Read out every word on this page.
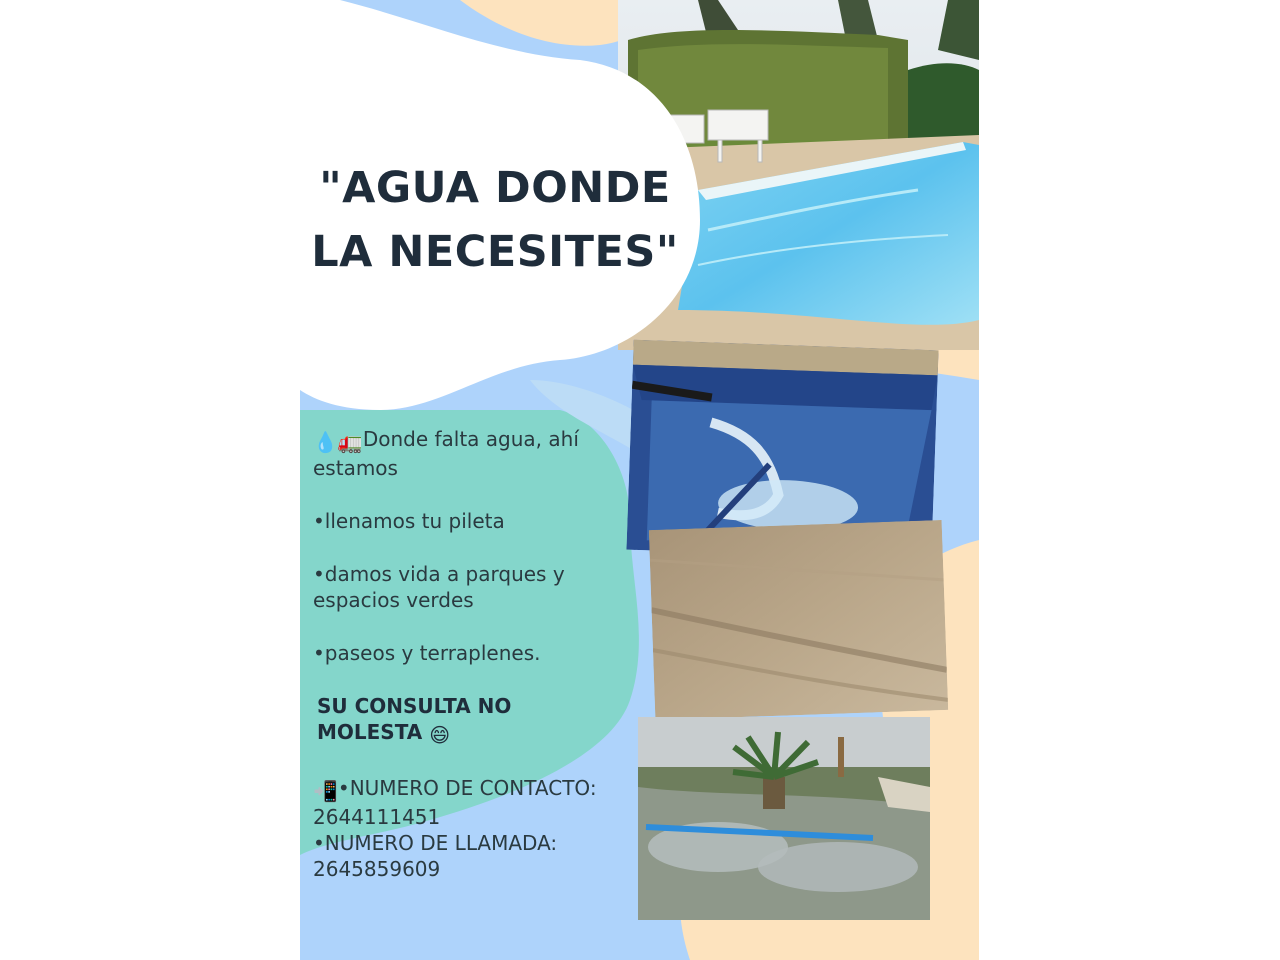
"AGUA DONDE
LA NECESITES"
💧🚛Donde falta agua, ahí
estamos
•llenamos tu pileta
•damos vida a parques y
espacios verdes
•paseos y terraplenes.
SU CONSULTA NO
MOLESTA 😄
📲•NUMERO DE CONTACTO:
2644111451
•NUMERO DE LLAMADA:
2645859609
